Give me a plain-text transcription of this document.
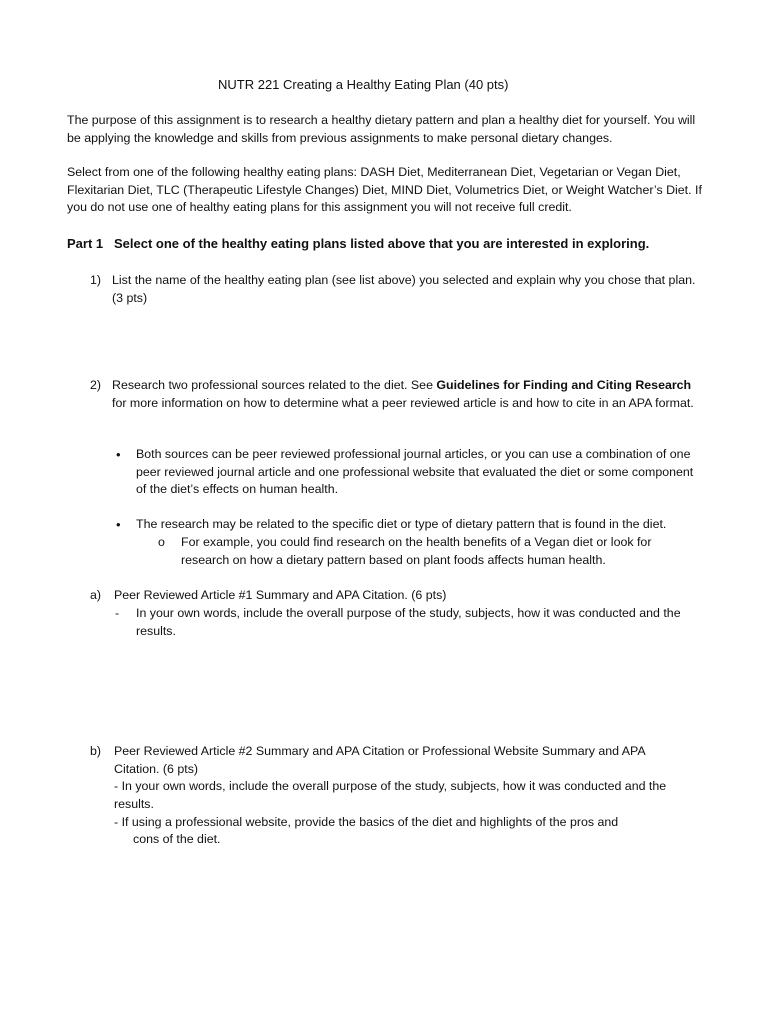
NUTR 221 Creating a Healthy Eating Plan (40 pts)

The purpose of this assignment is to research a healthy dietary pattern and plan a healthy diet for yourself. You will be applying the knowledge and skills from previous assignments to make personal dietary changes.

Select from one of the following healthy eating plans: DASH Diet, Mediterranean Diet, Vegetarian or Vegan Diet, Flexitarian Diet, TLC (Therapeutic Lifestyle Changes) Diet, MIND Diet, Volumetrics Diet, or Weight Watcher’s Diet. If you do not use one of healthy eating plans for this assignment you will not receive full credit.

Part 1 Select one of the healthy eating plans listed above that you are interested in exploring.
1) List the name of the healthy eating plan (see list above) you selected and explain why you chose that plan. (3 pts)

2) Research two professional sources related to the diet. See Guidelines for Finding and Citing Research for more information on how to determine what a peer reviewed article is and how to cite in an APA format.

• Both sources can be peer reviewed professional journal articles, or you can use a combination of one peer reviewed journal article and one professional website that evaluated the diet or some component of the diet’s effects on human health.

• The research may be related to the specific diet or type of dietary pattern that is found in the diet.

o For example, you could find research on the health benefits of a Vegan diet or look for research on how a dietary pattern based on plant foods affects human health.

a) Peer Reviewed Article #1 Summary and APA Citation. (6 pts)
- In your own words, include the overall purpose of the study, subjects, how it was conducted and the results.

b) Peer Reviewed Article #2 Summary and APA Citation or Professional Website Summary and APA Citation. (6 pts)

- In your own words, include the overall purpose of the study, subjects, how it was conducted and the results.

- If using a professional website, provide the basics of the diet and highlights of the pros and
cons of the diet.
